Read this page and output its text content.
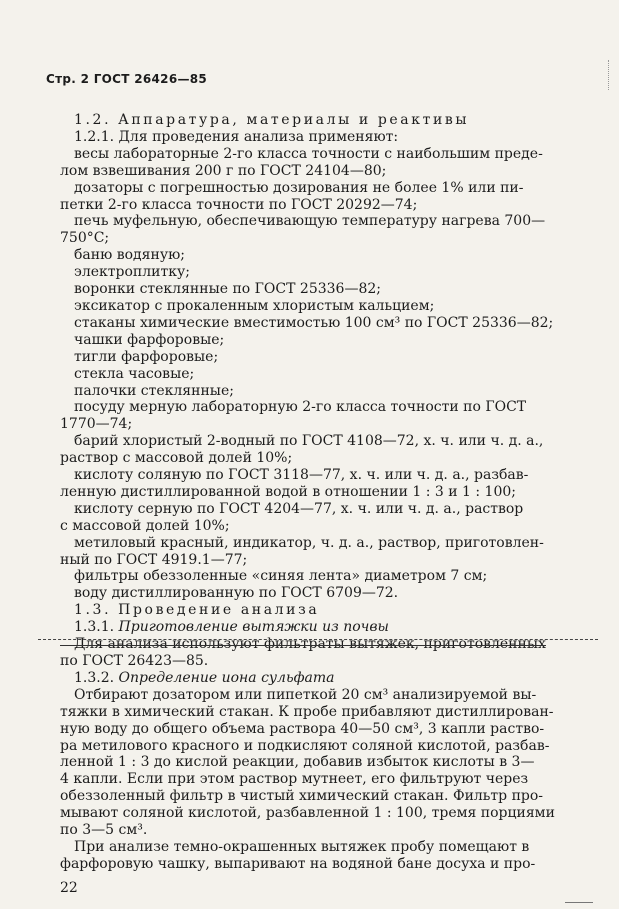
Стр. 2 ГОСТ 26426—85
1.2. Аппаратура, материалы и реактивы
1.2.1. Для проведения анализа применяют:
весы лабораторные 2-го класса точности с наибольшим преде-
лом взвешивания 200 г по ГОСТ 24104—80;
дозаторы с погрешностью дозирования не более 1% или пи-
петки 2-го класса точности по ГОСТ 20292—74;
печь муфельную, обеспечивающую температуру нагрева 700—
750°С;
баню водяную;
электроплитку;
воронки стеклянные по ГОСТ 25336—82;
эксикатор с прокаленным хлористым кальцием;
стаканы химические вместимостью 100 см³ по ГОСТ 25336—82;
чашки фарфоровые;
тигли фарфоровые;
стекла часовые;
палочки стеклянные;
посуду мерную лабораторную 2-го класса точности по ГОСТ
1770—74;
барий хлористый 2-водный по ГОСТ 4108—72, х. ч. или ч. д. а.,
раствор с массовой долей 10%;
кислоту соляную по ГОСТ 3118—77, х. ч. или ч. д. а., разбав-
ленную дистиллированной водой в отношении 1 : 3 и 1 : 100;
кислоту серную по ГОСТ 4204—77, х. ч. или ч. д. а., раствор
с массовой долей 10%;
метиловый красный, индикатор, ч. д. а., раствор, приготовлен-
ный по ГОСТ 4919.1—77;
фильтры обеззоленные «синяя лента» диаметром 7 см;
воду дистиллированную по ГОСТ 6709—72.
1.3. Проведение анализа
1.3.1. Приготовление вытяжки из почвы
Для анализа используют фильтраты вытяжек, приготовленных
по ГОСТ 26423—85.
1.3.2. Определение иона сульфата
Отбирают дозатором или пипеткой 20 см³ анализируемой вы-
тяжки в химический стакан. К пробе прибавляют дистиллирован-
ную воду до общего объема раствора 40—50 см³, 3 капли раство-
ра метилового красного и подкисляют соляной кислотой, разбав-
ленной 1 : 3 до кислой реакции, добавив избыток кислоты в 3—
4 капли. Если при этом раствор мутнеет, его фильтруют через
обеззоленный фильтр в чистый химический стакан. Фильтр про-
мывают соляной кислотой, разбавленной 1 : 100, тремя порциями
по 3—5 см³.
При анализе темно-окрашенных вытяжек пробу помещают в
фарфоровую чашку, выпаривают на водяной бане досуха и про-
22
